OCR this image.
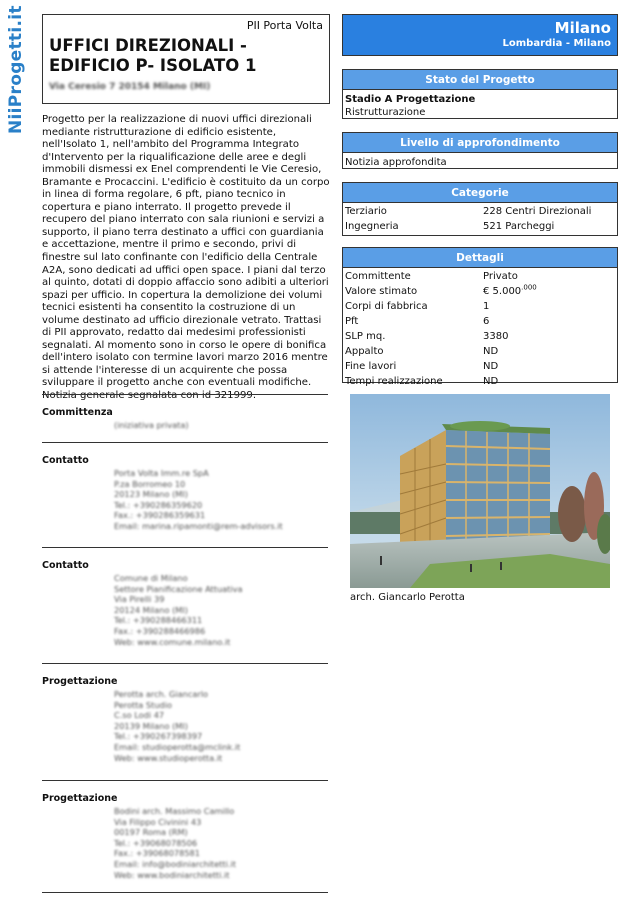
NiiProgetti.it	PII Porta Volta
UFFICI DIREZIONALI -
EDIFICIO P- ISOLATO 1
Via Ceresio 7 20154 Milano (MI)
Progetto per la realizzazione di nuovi uffici direzionali mediante ristrutturazione di edificio esistente, nell'Isolato 1, nell'ambito del Programma Integrato d'Intervento per la riqualificazione delle aree e degli immobili dismessi ex Enel comprendenti le Vie Ceresio, Bramante e Procaccini. L'edificio è costituito da un corpo in linea di forma regolare, 6 pft, piano tecnico in copertura e piano interrato. Il progetto prevede il recupero del piano interrato con sala riunioni e servizi a supporto, il piano terra destinato a uffici con guardiania e accettazione, mentre il primo e secondo, privi di finestre sul lato confinante con l'edificio della Centrale A2A, sono dedicati ad uffici open space. I piani dal terzo al quinto, dotati di doppio affaccio sono adibiti a ulteriori spazi per ufficio. In copertura la demolizione dei volumi tecnici esistenti ha consentito la costruzione di un volume destinato ad ufficio direzionale vetrato. Trattasi di PII approvato, redatto dai medesimi professionisti segnalati. Al momento sono in corso le opere di bonifica dell'intero isolato con termine lavori marzo 2016 mentre si attende l'interesse di un acquirente che possa sviluppare il progetto anche con eventuali modifiche. Notizia generale segnalata con id 321999.
Committenza
(iniziativa privata)
Contatto
Porta Volta Imm.re SpA
P.za Borromeo 10
20123 Milano (MI)
Tel.: +390286359620
Fax.: +390286359631
Email: marina.ripamonti@rem-advisors.it
Contatto
Comune di Milano
Settore Pianificazione Attuativa
Via Pirelli 39
20124 Milano (MI)
Tel.: +390288466311
Fax.: +390288466986
Web: www.comune.milano.it
Progettazione
Perotta arch. Giancarlo
Perotta Studio
C.so Lodi 47
20139 Milano (MI)
Tel.: +390267398397
Email: studioperotta@mclink.it
Web: www.studioperotta.it
Progettazione
Bodini arch. Massimo Camillo
Via Filippo Civinini 43
00197 Roma (RM)
Tel.: +39068078506
Fax.: +39068078581
Email: info@bodiniarchitetti.it
Web: www.bodiniarchitetti.it
Milano
Lombardia - Milano
Stato del Progetto
Stadio A Progettazione
Ristrutturazione
Livello di approfondimento
Notizia approfondita
Categorie
Terziario	228 Centri Direzionali
Ingegneria	521 Parcheggi
Dettagli
Committente	Privato
Valore stimato	€ $5.000^{.000}$
Corpi di fabbrica	1
Pft	6
SLP mq.	3380
Appalto	ND
Fine lavori	ND
Tempi realizzazione	ND
arch. Giancarlo Perotta
